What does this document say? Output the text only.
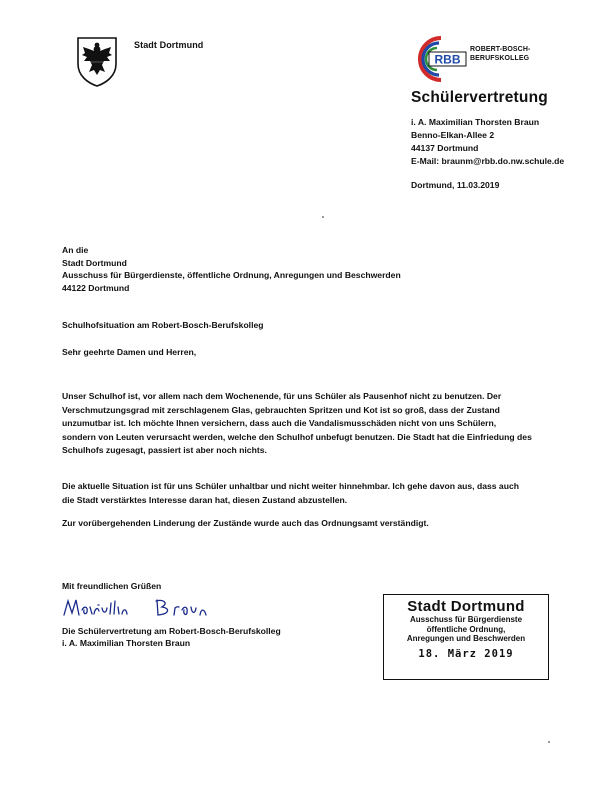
Stadt Dortmund
RBB
ROBERT-BOSCH-
BERUFSKOLLEG
Schülervertretung
i. A. Maximilian Thorsten Braun
Benno-Elkan-Allee 2
44137 Dortmund
E-Mail: braunm@rbb.do.nw.schule.de
Dortmund, 11.03.2019
An die
Stadt Dortmund
Ausschuss für Bürgerdienste, öffentliche Ordnung, Anregungen und Beschwerden
44122 Dortmund
Schulhofsituation am Robert-Bosch-Berufskolleg
Sehr geehrte Damen und Herren,
Unser Schulhof ist, vor allem nach dem Wochenende, für uns Schüler als Pausenhof nicht zu benutzen. Der Verschmutzungsgrad mit zerschlagenem Glas, gebrauchten Spritzen und Kot ist so groß, dass der Zustand unzumutbar ist. Ich möchte Ihnen versichern, dass auch die Vandalismusschäden nicht von uns Schülern, sondern von Leuten verursacht werden, welche den Schulhof unbefugt benutzen. Die Stadt hat die Einfriedung des Schulhofs zugesagt, passiert ist aber noch nichts.
Die aktuelle Situation ist für uns Schüler unhaltbar und nicht weiter hinnehmbar. Ich gehe davon aus, dass auch die Stadt verstärktes Interesse daran hat, diesen Zustand abzustellen.
Zur vorübergehenden Linderung der Zustände wurde auch das Ordnungsamt verständigt.
Mit freundlichen Grüßen
Die Schülervertretung am Robert-Bosch-Berufskolleg
i. A. Maximilian Thorsten Braun
Stadt Dortmund
Ausschuss für Bürgerdienste
öffentliche Ordnung,
Anregungen und Beschwerden
18. März 2019
